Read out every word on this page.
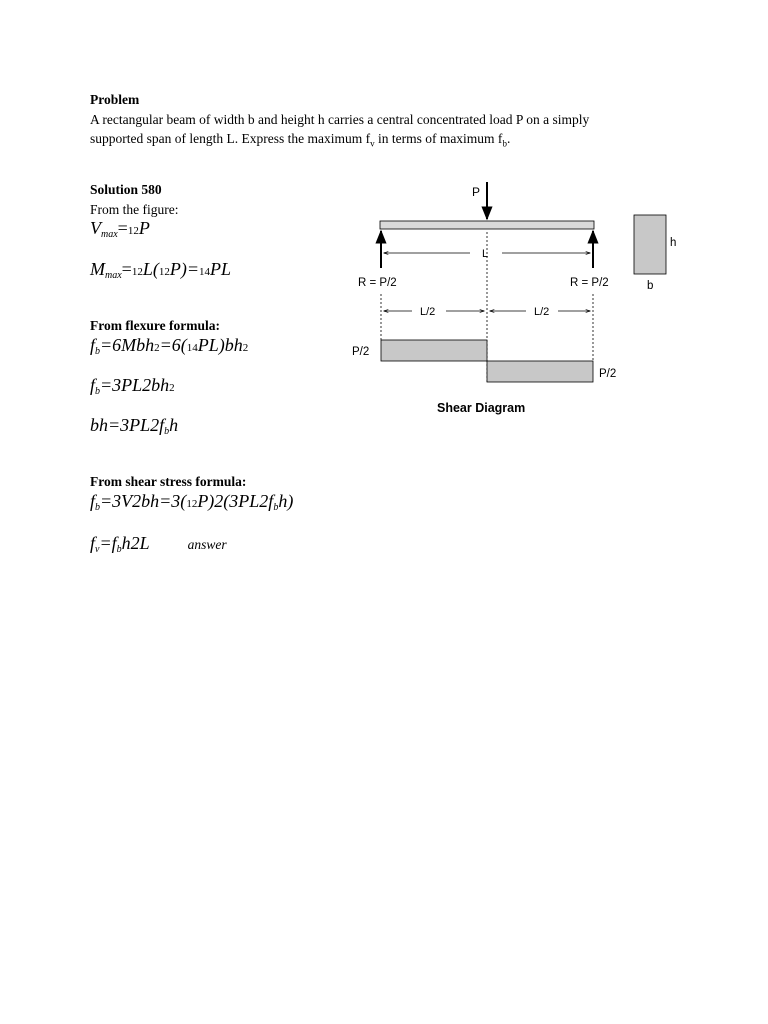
Problem
A rectangular beam of width b and height h carries a central concentrated load P on a simply
supported span of length L. Express the maximum $f_v$ in terms of maximum $f_b$.
Solution 580
From the figure:
$V_{max}=12P$
$M_{max}=12L(12P)=14PL$
From flexure formula:
$f_b=6Mbh2=6(14PL)bh2$
$f_b=3PL2bh2$
$bh=3PL2f_bh$
From shear stress formula:
$f_b=3V2bh=3(12P)2(3PL2f_bh)$
$f_v=f_bh2L$	answer
P
L
R = P/2	R = P/2
L/2	L/2
P/2
P/2
Shear Diagram
h
b
